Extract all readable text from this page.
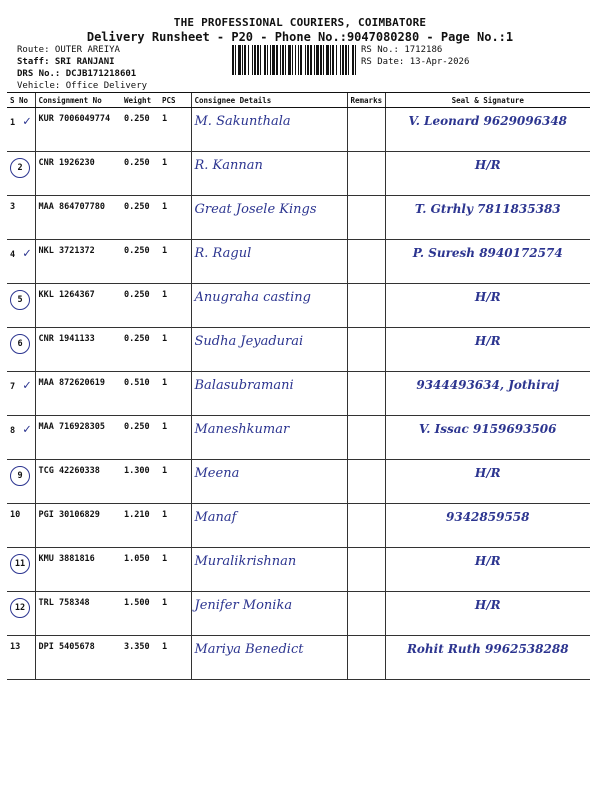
THE PROFESSIONAL COURIERS, COIMBATORE
Delivery Runsheet - P20 - Phone No.:9047080280 - Page No.:1
Route: OUTER AREIYA
Staff: SRI RANJANI
DRS No.: DCJB171218601
Vehicle: Office Delivery
RS No.: 1712186
RS Date: 13-Apr-2026
S No	Consignment No	Weight	PCS	Consignee Details	Remarks	Seal & Signature
1 ✓	KUR 7006049774	0.250	1	M. Sakunthala		V. Leonard 9629096348
2	CNR 1926230	0.250	1	R. Kannan		H/R
3	MAA 864707780	0.250	1	Great Josele Kings		T. Gtrhly 7811835383
4 ✓	NKL 3721372	0.250	1	R. Ragul		P. Suresh 8940172574
5	KKL 1264367	0.250	1	Anugraha casting		H/R
6	CNR 1941133	0.250	1	Sudha Jeyadurai		H/R
7 ✓	MAA 872620619	0.510	1	Balasubramani		9344493634, Jothiraj
8 ✓	MAA 716928305	0.250	1	Maneshkumar		V. Issac 9159693506
9	TCG 42260338	1.300	1	Meena		H/R
10	PGI 30106829	1.210	1	Manaf		9342859558
11	KMU 3881816	1.050	1	Muralikrishnan		H/R
12	TRL 758348	1.500	1	Jenifer Monika		H/R
13	DPI 5405678	3.350	1	Mariya Benedict		Rohit Ruth 9962538288
